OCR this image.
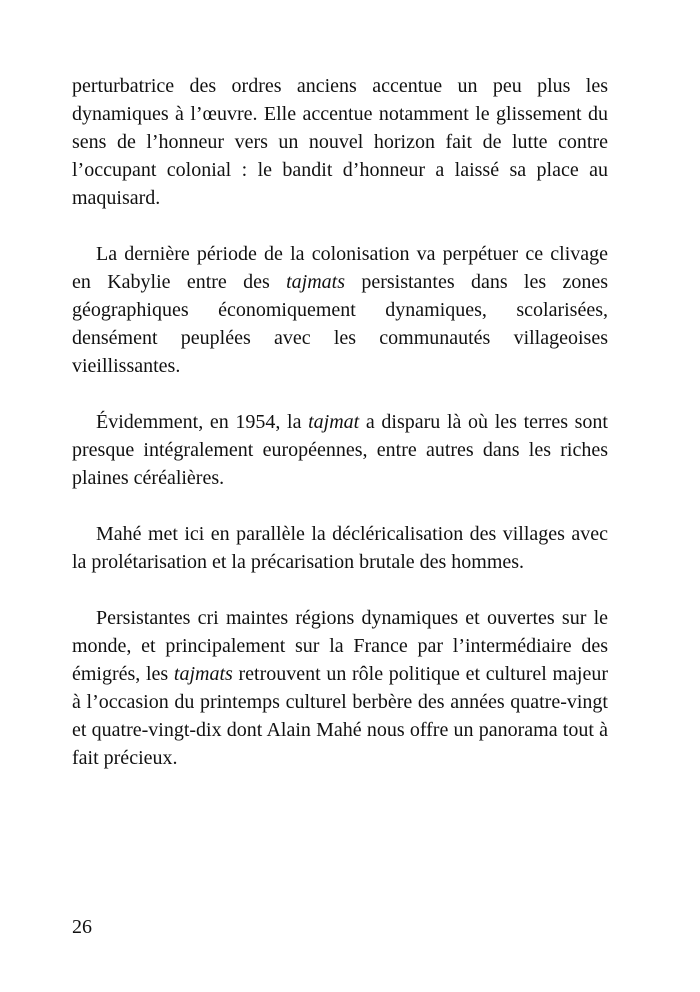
perturbatrice des ordres anciens accentue un peu plus les dynamiques à l’œuvre. Elle accentue notamment le glissement du sens de l’honneur vers un nouvel horizon fait de lutte contre l’occupant colonial : le bandit d’honneur a laissé sa place au maquisard.

La dernière période de la colonisation va perpétuer ce clivage en Kabylie entre des tajmats persistantes dans les zones géographiques économiquement dynamiques, scolarisées, densément peuplées avec les communautés villageoises vieillissantes.

Évidemment, en 1954, la tajmat a disparu là où les terres sont presque intégralement européennes, entre autres dans les riches plaines céréalières.

Mahé met ici en parallèle la décléricalisation des villages avec la prolétarisation et la précarisation brutale des hommes.

Persistantes cri maintes régions dynamiques et ouvertes sur le monde, et principalement sur la France par l’intermédiaire des émigrés, les tajmats retrouvent un rôle politique et culturel majeur à l’occasion du printemps culturel berbère des années quatre-vingt et quatre-vingt-dix dont Alain Mahé nous offre un panorama tout à fait précieux.

26
